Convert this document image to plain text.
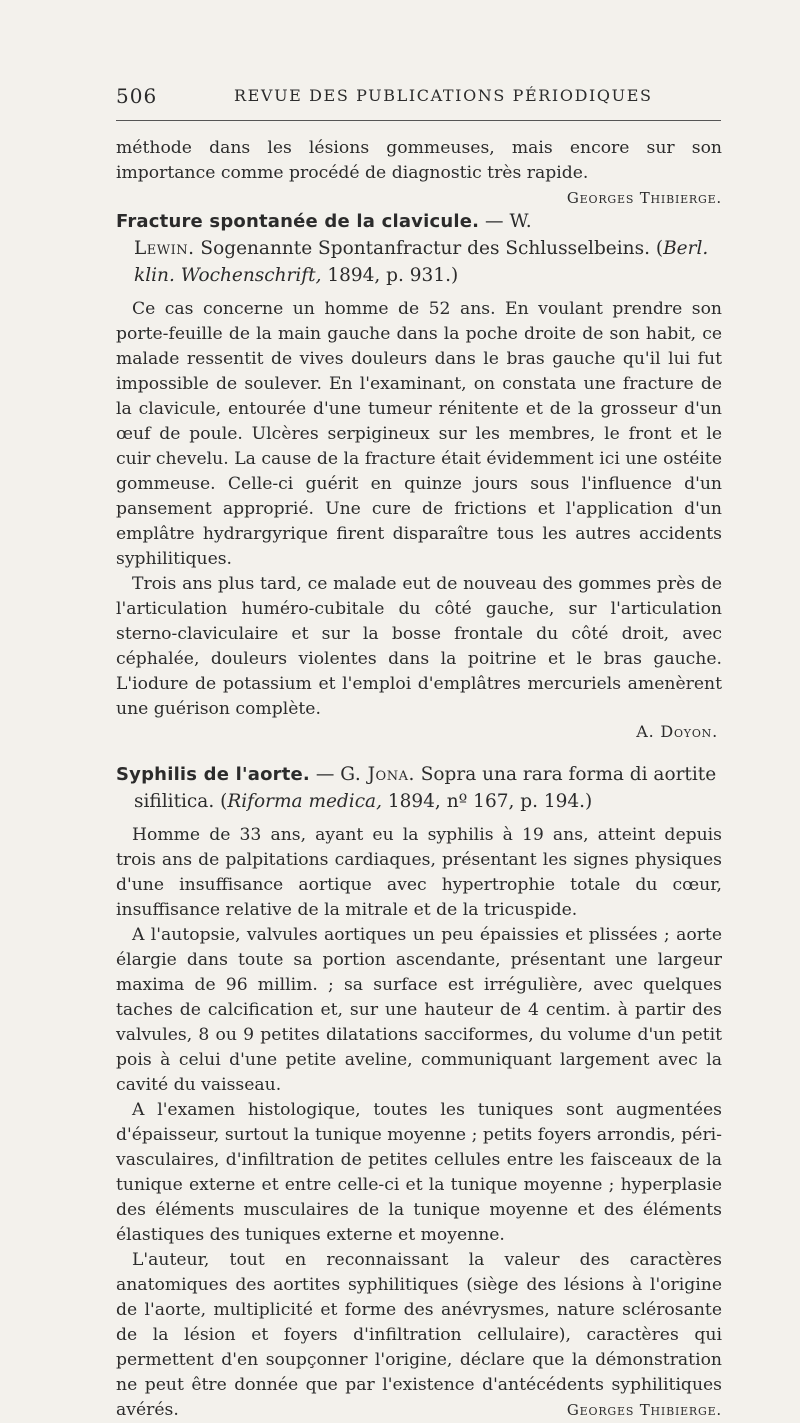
506	REVUE DES PUBLICATIONS PÉRIODIQUES

méthode dans les lésions gommeuses, mais encore sur son importance comme procédé de diagnostic très rapide.
Georges Thibierge.

Fracture spontanée de la clavicule. — W. Lewin. Sogenannte Spontanfractur des Schlusselbeins. (Berl. klin. Wochenschrift, 1894, p. 931.)

Ce cas concerne un homme de 52 ans. En voulant prendre son porte-feuille de la main gauche dans la poche droite de son habit, ce malade ressentit de vives douleurs dans le bras gauche qu'il lui fut impossible de soulever. En l'examinant, on constata une fracture de la clavicule, entourée d'une tumeur rénitente et de la grosseur d'un œuf de poule. Ulcères serpigineux sur les membres, le front et le cuir chevelu. La cause de la fracture était évidemment ici une ostéite gommeuse. Celle-ci guérit en quinze jours sous l'influence d'un pansement approprié. Une cure de frictions et l'application d'un emplâtre hydrargyrique firent disparaître tous les autres accidents syphilitiques.

Trois ans plus tard, ce malade eut de nouveau des gommes près de l'articulation huméro-cubitale du côté gauche, sur l'articulation sterno-claviculaire et sur la bosse frontale du côté droit, avec céphalée, douleurs violentes dans la poitrine et le bras gauche. L'iodure de potassium et l'emploi d'emplâtres mercuriels amenèrent une guérison complète.

A. Doyon.
Syphilis de l'aorte. — G. Jona. Sopra una rara forma di aortite sifilitica. (Riforma medica, 1894, nº 167, p. 194.)

Homme de 33 ans, ayant eu la syphilis à 19 ans, atteint depuis trois ans de palpitations cardiaques, présentant les signes physiques d'une insuffisance aortique avec hypertrophie totale du cœur, insuffisance relative de la mitrale et de la tricuspide.

A l'autopsie, valvules aortiques un peu épaissies et plissées ; aorte élargie dans toute sa portion ascendante, présentant une largeur maxima de 96 millim. ; sa surface est irrégulière, avec quelques taches de calcification et, sur une hauteur de 4 centim. à partir des valvules, 8 ou 9 petites dilatations sacciformes, du volume d'un petit pois à celui d'une petite aveline, communiquant largement avec la cavité du vaisseau.

A l'examen histologique, toutes les tuniques sont augmentées d'épaisseur, surtout la tunique moyenne ; petits foyers arrondis, péri-vasculaires, d'infiltration de petites cellules entre les faisceaux de la tunique externe et entre celle-ci et la tunique moyenne ; hyperplasie des éléments musculaires de la tunique moyenne et des éléments élastiques des tuniques externe et moyenne.

L'auteur, tout en reconnaissant la valeur des caractères anatomiques des aortites syphilitiques (siège des lésions à l'origine de l'aorte, multiplicité et forme des anévrysmes, nature sclérosante de la lésion et foyers d'infiltration cellulaire), caractères qui permettent d'en soupçonner l'origine, déclare que la démonstration ne peut être donnée que par l'existence d'antécédents syphilitiques avérés.	Georges Thibierge.
